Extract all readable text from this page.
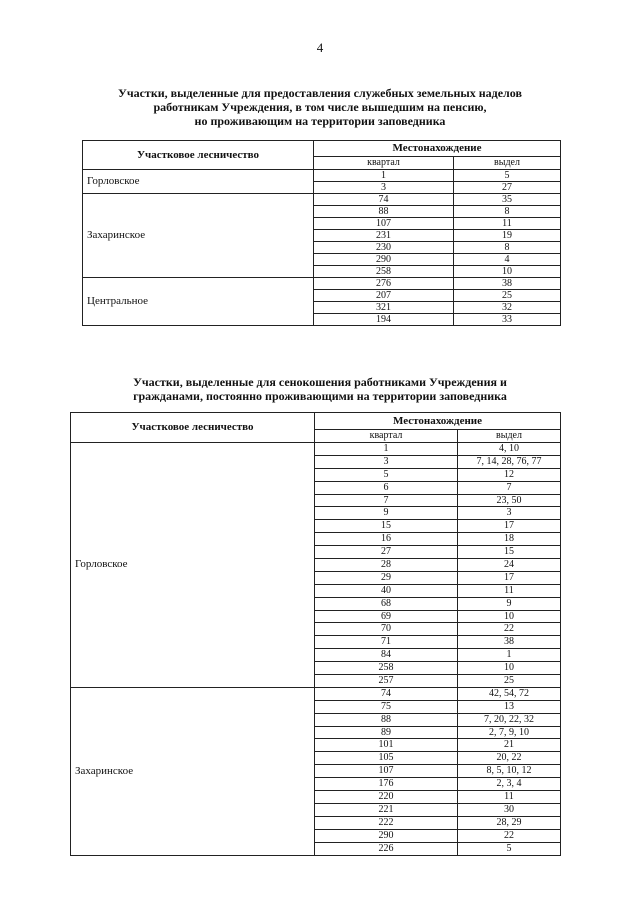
4
Участки, выделенные для предоставления служебных земельных наделов
работникам Учреждения, в том числе вышедшим на пенсию,
но проживающим на территории заповедника
Участковое лесничество	Местонахождение	
	квартал	выдел
Горловское	1	5
	3	27
Захаринское	74	35
	88	8
	107	11
	231	19
	230	8
	290	4
	258	10
Центральное	276	38
	207	25
	321	32
	194	33
Участки, выделенные для сенокошения работниками Учреждения и
гражданами, постоянно проживающими на территории заповедника
Участковое лесничество	Местонахождение	
	квартал	выдел
Горловское	1	4, 10
	3	7, 14, 28, 76, 77
	5	12
	6	7
	7	23, 50
	9	3
	15	17
	16	18
	27	15
	28	24
	29	17
	40	11
	68	9
	69	10
	70	22
	71	38
	84	1
	258	10
	257	25
Захаринское	74	42, 54, 72
	75	13
	88	7, 20, 22, 32
	89	2, 7, 9, 10
	101	21
	105	20, 22
	107	8, 5, 10, 12
	176	2, 3, 4
	220	11
	221	30
	222	28, 29
	290	22
	226	5
